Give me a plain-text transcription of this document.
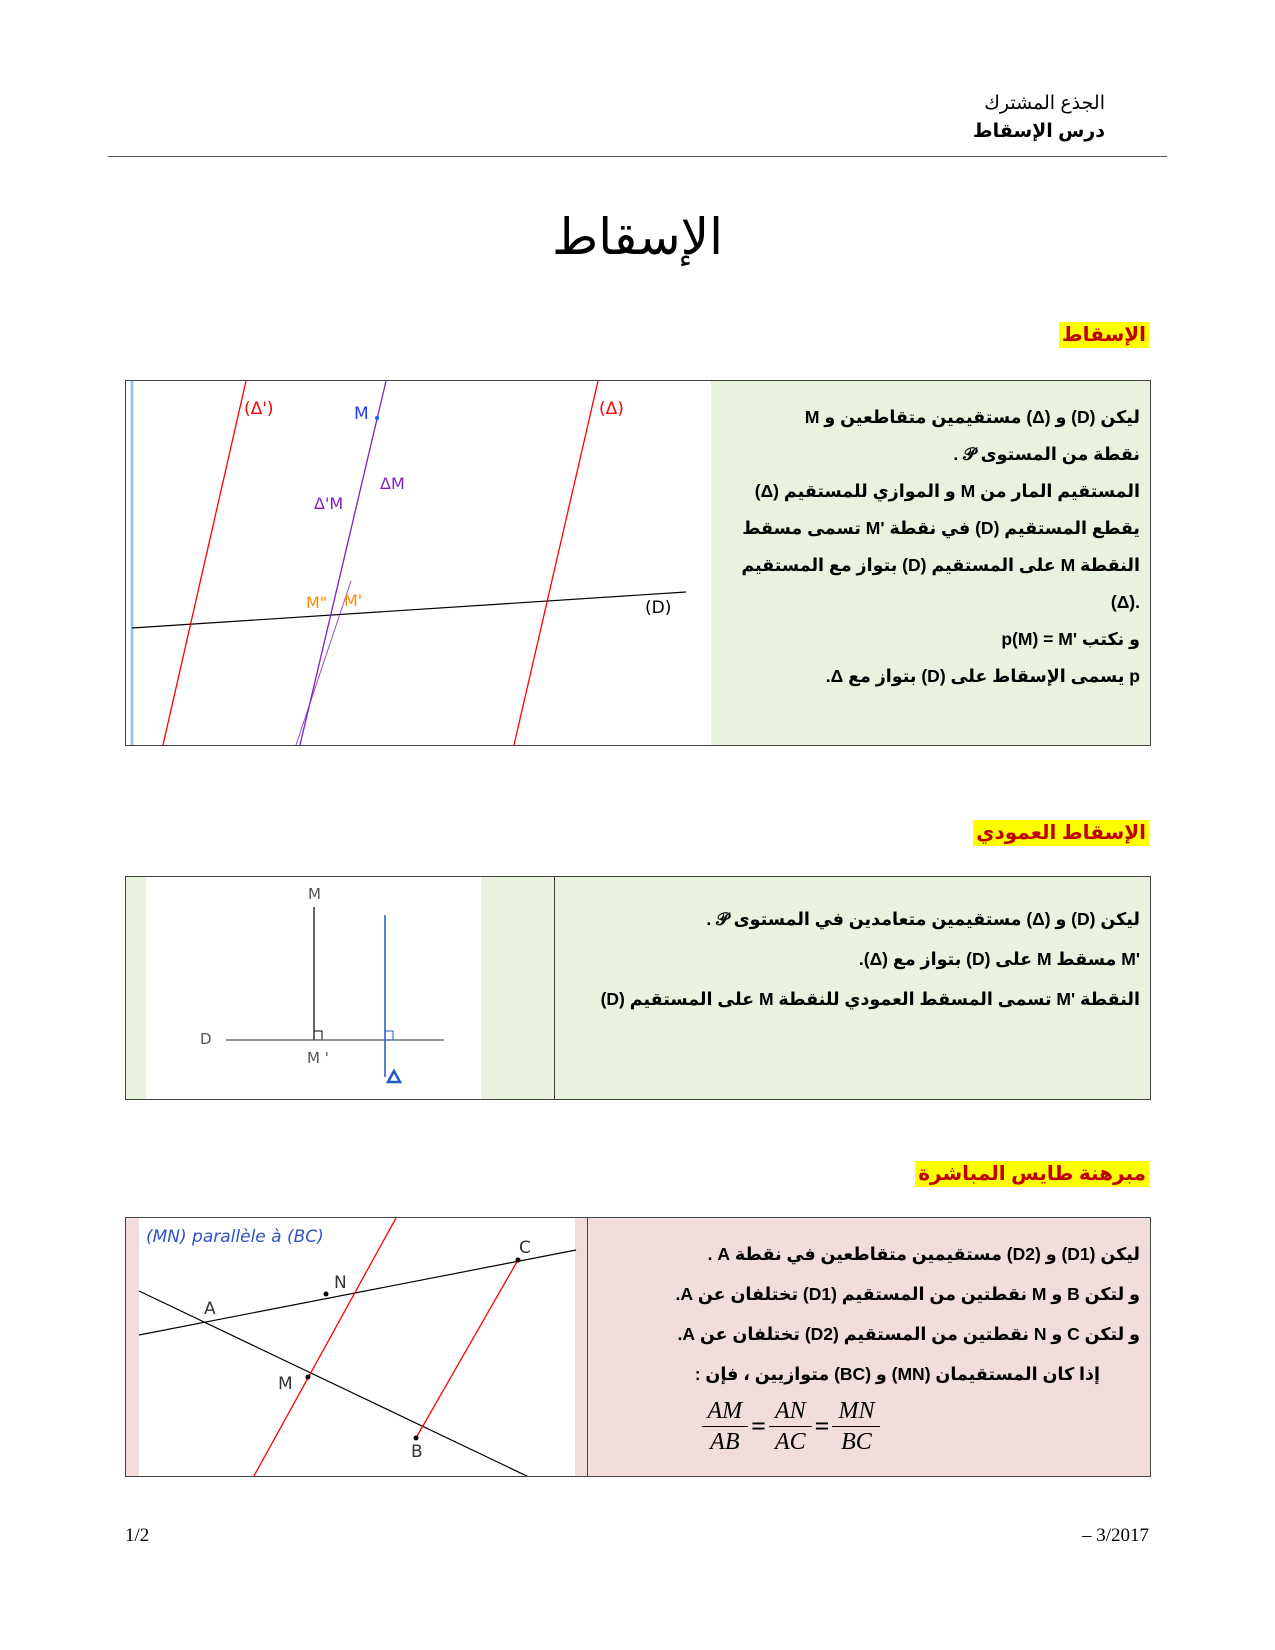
الجذع المشترك
درس الإسقاط
الإسقاط
الإسقاط
(Δ')	M	(Δ)
ΔM
Δ'M
M" M'	(D)

ليكن (D) و (Δ) مستقيمين متقاطعين و M

نقطة من المستوى 𝒫 .

المستقيم المار من M و الموازي للمستقيم (Δ)

يقطع المستقيم (D) في نقطة 'M تسمى مسقط

النقطة M على المستقيم (D) بتواز مع المستقيم

.(Δ)

و نكتب 'p(M) = M

p يسمى الإسقاط على (D) بتواز مع Δ.

الإسقاط العمودي
M
D
M '

ليكن (D) و (Δ) مستقيمين متعامدين في المستوى 𝒫 .

'M مسقط M على (D) بتواز مع (Δ).

النقطة 'M تسمى المسقط العمودي للنقطة M على المستقيم (D)

مبرهنة طايس المباشرة
(MN) parallèle à (BC)
C
N
A
M
B

ليكن (D1) و (D2) مستقيمين متقاطعين في نقطة A .

و لتكن B و M نقطتين من المستقيم (D1) تختلفان عن A.

و لتكن C و N نقطتين من المستقيم (D2) تختلفان عن A.

إذا كان المستقيمان (MN) و (BC) متوازيين ، فإن :

$\frac{AM}{AB} = \frac{AN}{AC} = \frac{MN}{BC}$
1/2	– 3/2017
